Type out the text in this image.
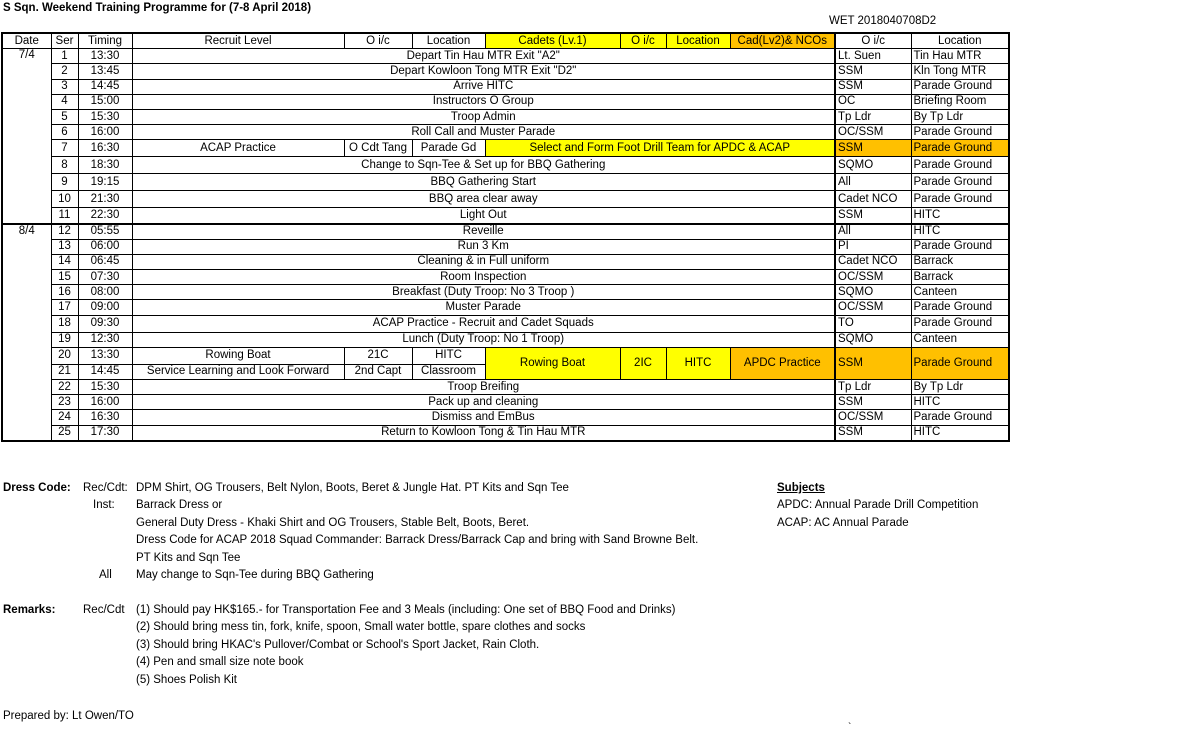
S Sqn. Weekend Training Programme for (7-8 April 2018)
WET 2018040708D2
Date	Ser	Timing	Recruit Level	O i/c	Location	Cadets (Lv.1)	O i/c	Location	Cad(Lv2)& NCOs	O i/c	Location
7/4	1	13:30	Depart Tin Hau MTR Exit "A2"							Lt. Suen	Tin Hau MTR
	2	13:45	Depart Kowloon Tong MTR Exit "D2"							SSM	Kln Tong MTR
	3	14:45	Arrive HITC							SSM	Parade Ground
	4	15:00	Instructors O Group							OC	Briefing Room
	5	15:30	Troop Admin							Tp Ldr	By Tp Ldr
	6	16:00	Roll Call and Muster Parade							OC/SSM	Parade Ground
	7	16:30	ACAP Practice	O Cdt Tang	Parade Gd	Select and Form Foot Drill Team for APDC & ACAP				SSM	Parade Ground
	8	18:30	Change to Sqn-Tee & Set up for BBQ Gathering							SQMO	Parade Ground
	9	19:15	BBQ Gathering Start							All	Parade Ground
	10	21:30	BBQ area clear away							Cadet NCO	Parade Ground
	11	22:30	Light Out							SSM	HITC
8/4	12	05:55	Reveille							All	HITC
	13	06:00	Run 3 Km							PI	Parade Ground
	14	06:45	Cleaning & in Full uniform							Cadet NCO	Barrack
	15	07:30	Room Inspection							OC/SSM	Barrack
	16	08:00	Breakfast (Duty Troop: No 3 Troop )							SQMO	Canteen
	17	09:00	Muster Parade							OC/SSM	Parade Ground
	18	09:30	ACAP Practice - Recruit and Cadet Squads							TO	Parade Ground
	19	12:30	Lunch (Duty Troop: No 1 Troop)							SQMO	Canteen
	20	13:30	Rowing Boat	21C	HITC	Rowing Boat	2IC	HITC	APDC Practice	SSM	Parade Ground
	21	14:45	Service Learning and Look Forward	2nd Capt	Classroom						
	22	15:30	Troop Breifing							Tp Ldr	By Tp Ldr
	23	16:00	Pack up and cleaning							SSM	HITC
	24	16:30	Dismiss and EmBus							OC/SSM	Parade Ground
	25	17:30	Return to Kowloon Tong & Tin Hau MTR							SSM	HITC
Dress Code:	Rec/Cdt: DPM Shirt, OG Trousers, Belt Nylon, Boots, Beret & Jungle Hat. PT Kits and Sqn Tee
Inst:	Barrack Dress or
General Duty Dress - Khaki Shirt and OG Trousers, Stable Belt, Boots, Beret.
Dress Code for ACAP 2018 Squad Commander: Barrack Dress/Barrack Cap and bring with Sand Browne Belt.
PT Kits and Sqn Tee
All	May change to Sqn-Tee during BBQ Gathering
Remarks:	Rec/Cdt (1) Should pay HK$165.- for Transportation Fee and 3 Meals (including: One set of BBQ Food and Drinks)
(2) Should bring mess tin, fork, knife, spoon, Small water bottle, spare clothes and socks
(3) Should bring HKAC's Pullover/Combat or School's Sport Jacket, Rain Cloth.
(4) Pen and small size note book
(5) Shoes Polish Kit
Prepared by: Lt Owen/TO
Subjects
APDC: Annual Parade Drill Competition
ACAP: AC Annual Parade
`
